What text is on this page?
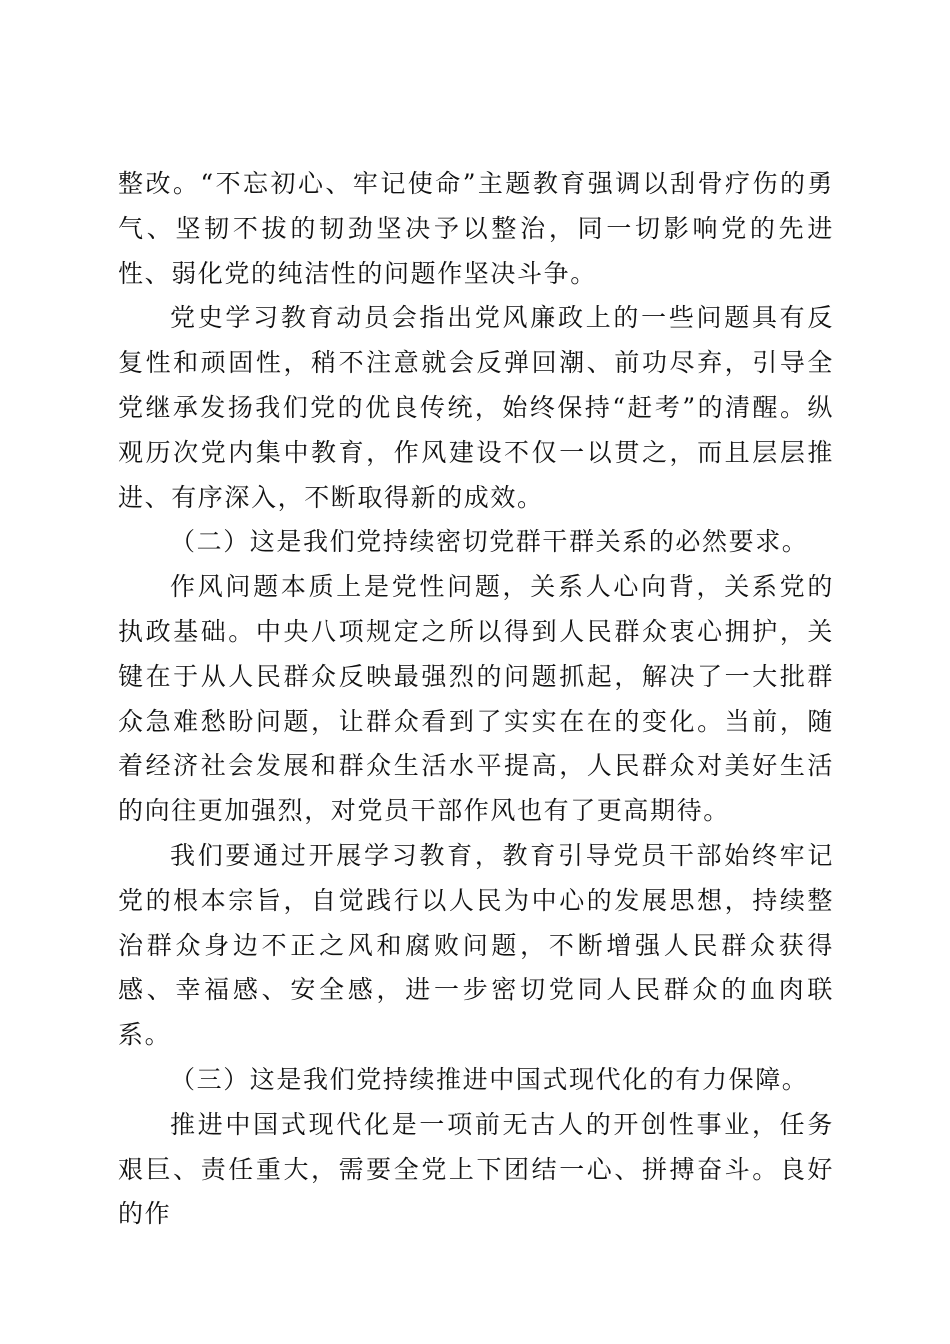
整改。“不忘初心、牢记使命”主题教育强调以刮骨疗伤的勇气、坚韧不拔的韧劲坚决予以整治，同一切影响党的先进性、弱化党的纯洁性的问题作坚决斗争。

党史学习教育动员会指出党风廉政上的一些问题具有反复性和顽固性，稍不注意就会反弹回潮、前功尽弃，引导全党继承发扬我们党的优良传统，始终保持“赶考”的清醒。纵观历次党内集中教育，作风建设不仅一以贯之，而且层层推进、有序深入，不断取得新的成效。

（二）这是我们党持续密切党群干群关系的必然要求。

作风问题本质上是党性问题，关系人心向背，关系党的执政基础。中央八项规定之所以得到人民群众衷心拥护，关键在于从人民群众反映最强烈的问题抓起，解决了一大批群众急难愁盼问题，让群众看到了实实在在的变化。当前，随着经济社会发展和群众生活水平提高，人民群众对美好生活的向往更加强烈，对党员干部作风也有了更高期待。

我们要通过开展学习教育，教育引导党员干部始终牢记党的根本宗旨，自觉践行以人民为中心的发展思想，持续整治群众身边不正之风和腐败问题，不断增强人民群众获得感、幸福感、安全感，进一步密切党同人民群众的血肉联系。

（三）这是我们党持续推进中国式现代化的有力保障。

推进中国式现代化是一项前无古人的开创性事业，任务艰巨、责任重大，需要全党上下团结一心、拼搏奋斗。良好的作
